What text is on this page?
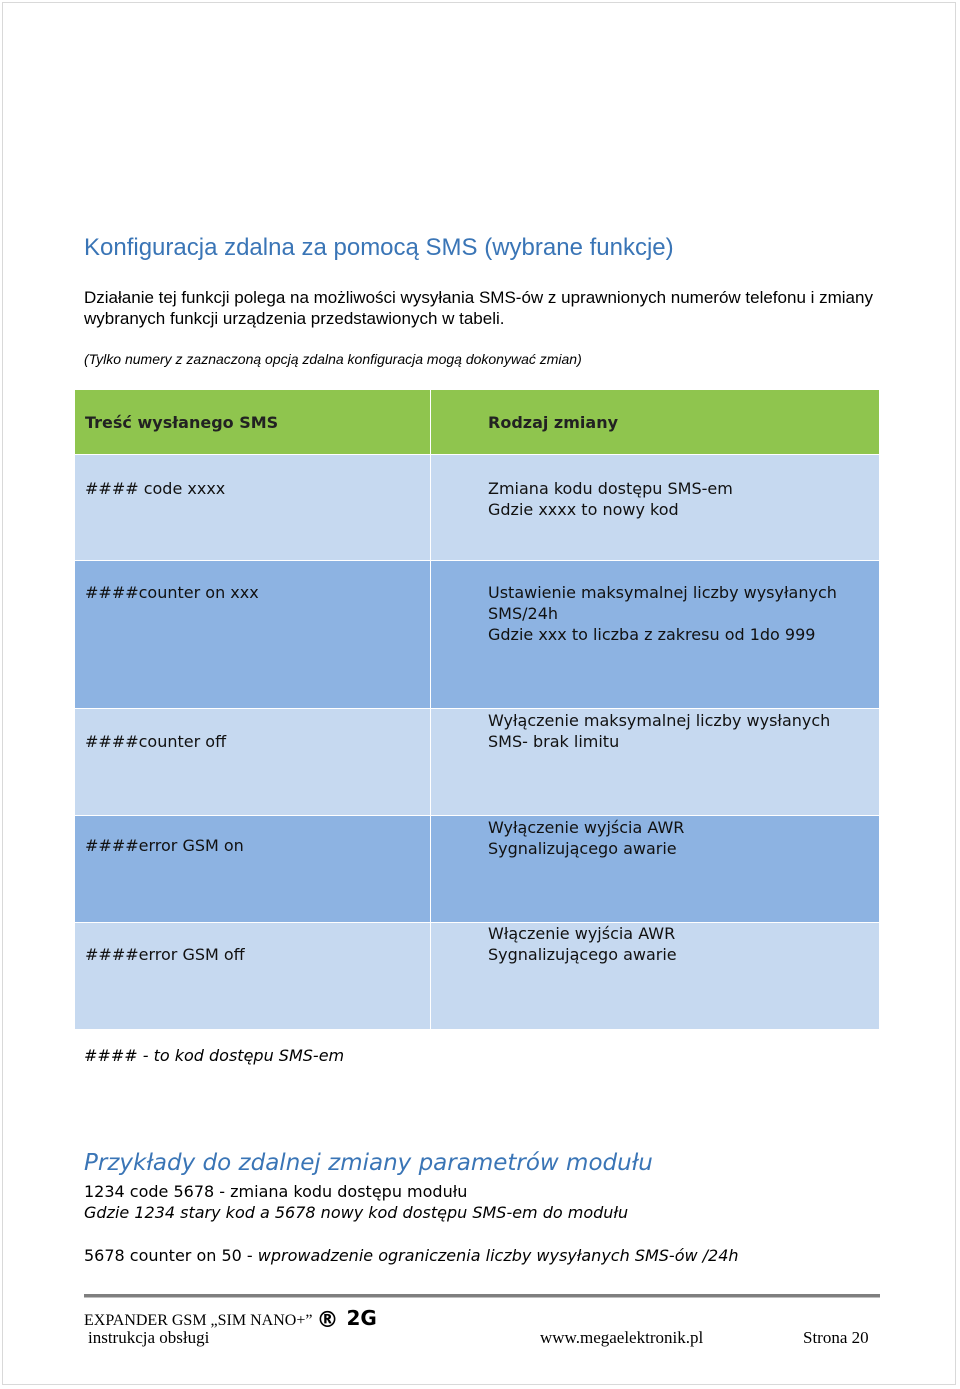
Konfiguracja zdalna za pomocą SMS (wybrane funkcje)
Działanie tej funkcji polega na możliwości wysyłania SMS-ów z uprawnionych numerów telefonu i zmiany wybranych funkcji urządzenia przedstawionych w tabeli.
(Tylko numery z zaznaczoną opcją zdalna konfiguracja mogą dokonywać zmian)
Treść wysłanego SMS	Rodzaj zmiany

#### code xxxx	Zmiana kodu dostępu SMS-em
Gdzie xxxx to nowy kod

####counter on xxx	Ustawienie maksymalnej liczby wysyłanych
SMS/24h
Gdzie xxx to liczba z zakresu od 1do 999

####counter off	Wyłączenie maksymalnej liczby wysłanych
SMS- brak limitu

####error GSM on	Wyłączenie wyjścia AWR
Sygnalizującego awarie

####error GSM off	Włączenie wyjścia AWR
Sygnalizującego awarie
#### - to kod dostępu SMS-em
Przykłady do zdalnej zmiany parametrów modułu
1234 code 5678 - zmiana kodu dostępu modułu
Gdzie 1234 stary kod a 5678 nowy kod dostępu SMS-em do modułu
5678 counter on 50 - wprowadzenie ograniczenia liczby wysyłanych SMS-ów /24h
EXPANDER GSM „SIM NANO+” ® 2G
instrukcja obsługi	www.megaelektronik.pl	Strona 20
